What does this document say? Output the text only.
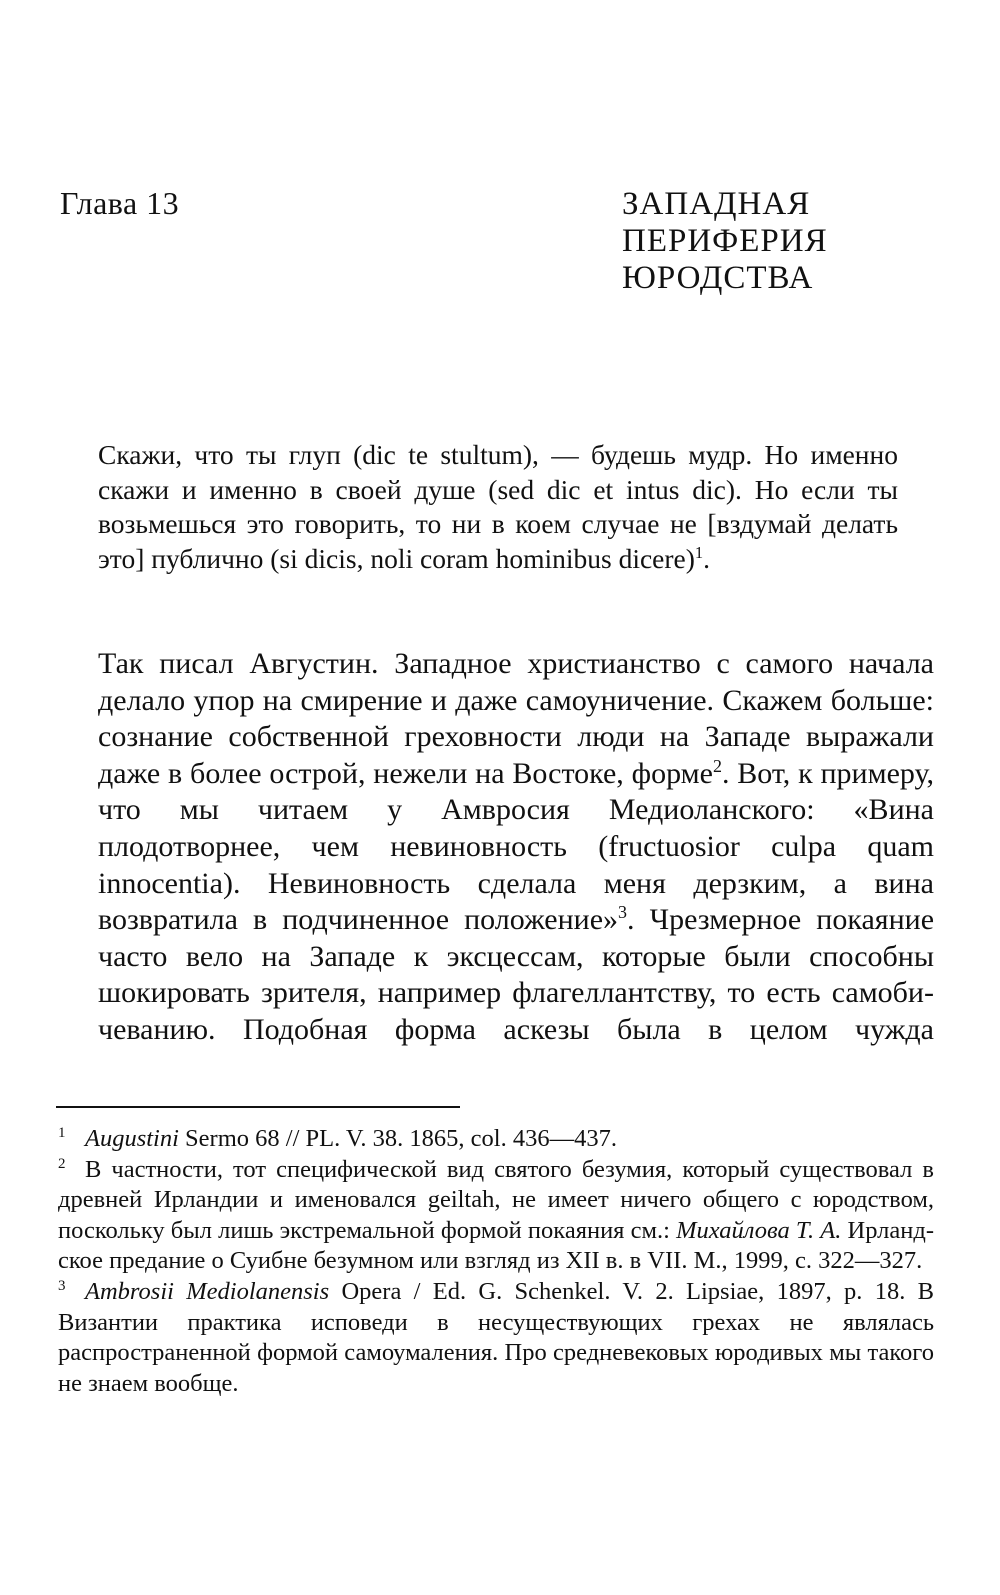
Глава 13	ЗАПАДНАЯ
ПЕРИФЕРИЯ
ЮРОДСТВА
Скажи, что ты глуп (dic te stultum), — будешь мудр. Но именно скажи и именно в своей душе (sed dic et intus dic). Но если ты возьмешься это говорить, то ни в коем случае не [вздумай делать это] публично (si dicis, noli coram hominibus dicere)$^1$.
Так писал Августин. Западное христианство с самого начала делало упор на смирение и даже самоуничение. Скажем больше: сознание собственной греховности люди на Западе выражали даже в более острой, нежели на Востоке, форме$^2$. Вот, к примеру, что мы читаем у Амвросия Медиоланского: «Вина плодотворнее, чем невиновность (fructuosior culpa quam innocentia). Невиновность сделала меня дерзким, а вина возвратила в подчиненное положение»$^3$. Чрезмерное покаяние часто вело на Западе к эксцессам, которые были способны шокировать зрителя, например флагеллантству, то есть самобичеванию. Подобная форма аскезы была в целом чужда

1 Augustini Sermo 68 // PL. V. 38. 1865, col. 436—437.

2 В частности, тот специфической вид святого безумия, который существовал в древней Ирландии и именовался geiltah, не имеет ничего общего с юродством, поскольку был лишь экстремальной формой покаяния см.: Михайлова Т. А. Ирландское предание о Суибне безумном или взгляд из XII в. в VII. М., 1999, с. 322—327.

3 Ambrosii Mediolanensis Opera / Ed. G. Schenkel. V. 2. Lipsiae, 1897, p. 18. В Византии практика исповеди в несуществующих грехах не являлась распространенной формой самоумаления. Про средневековых юродивых мы такого не знаем вообще.
